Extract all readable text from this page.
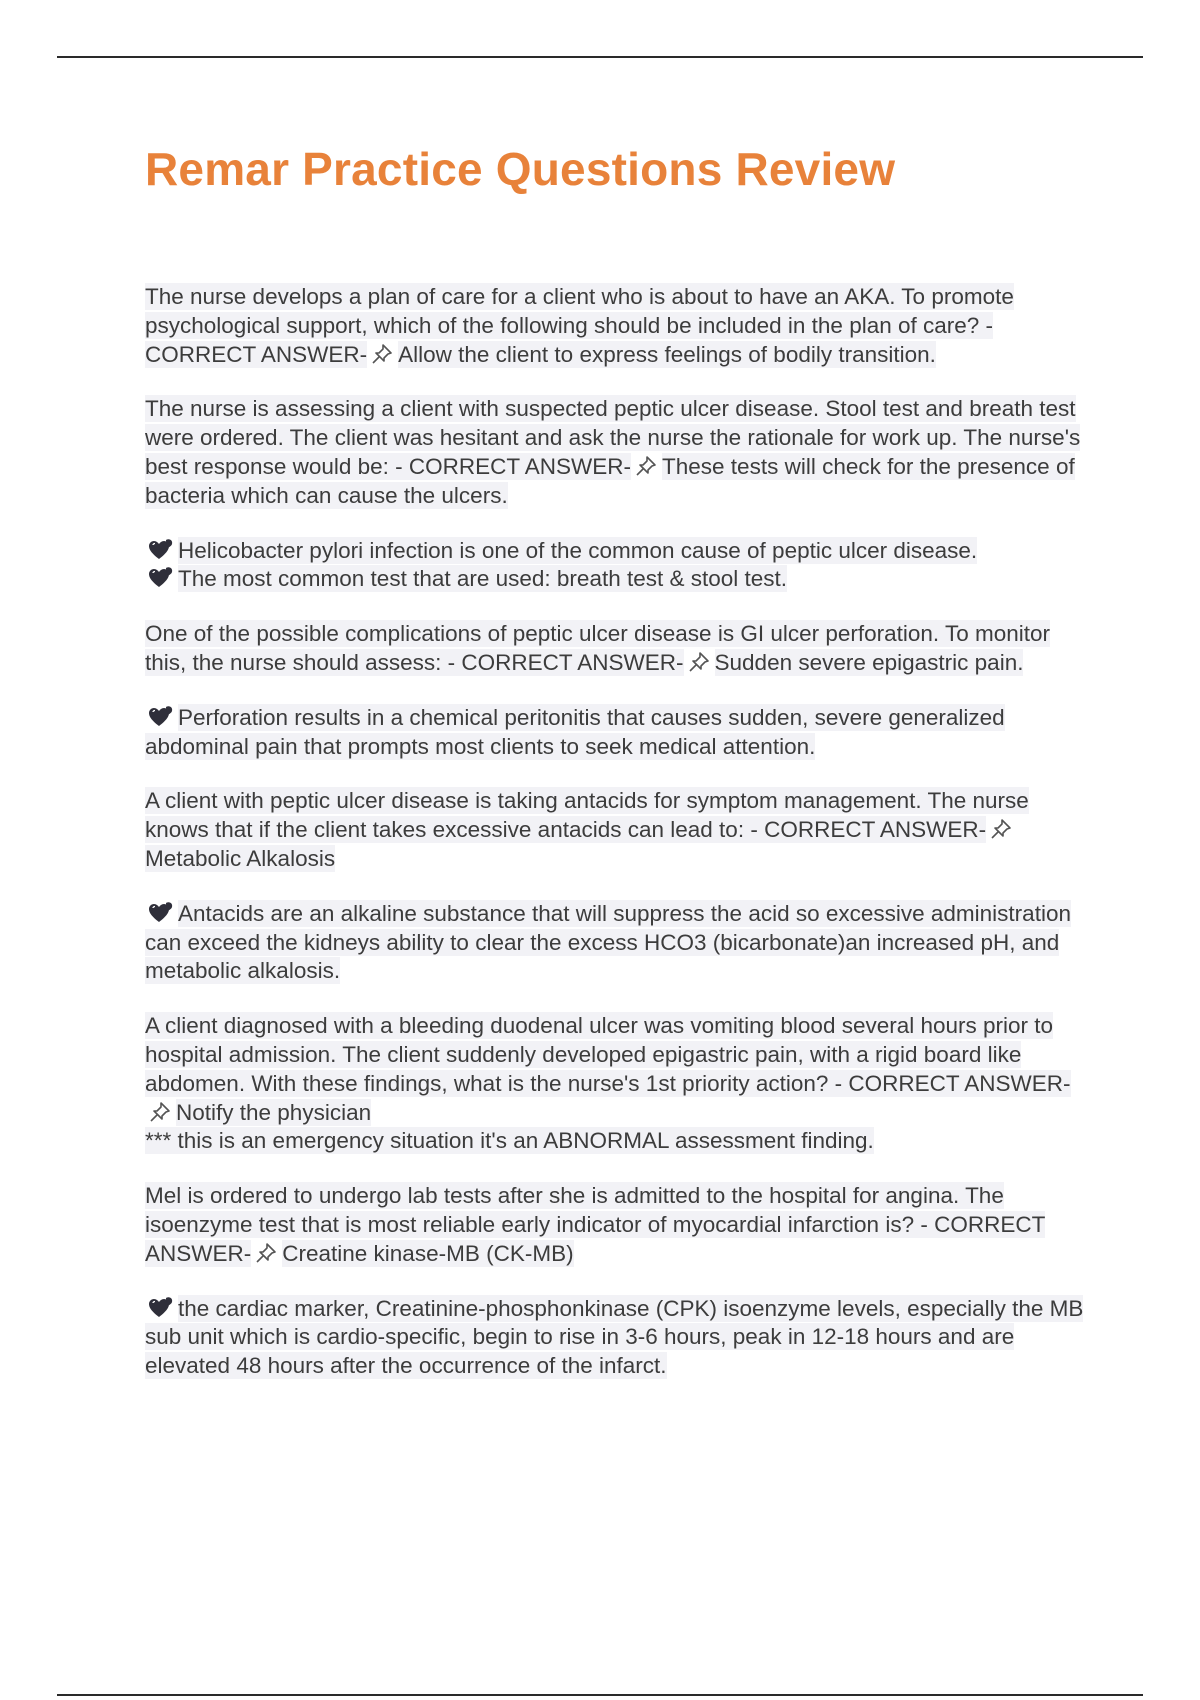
Remar Practice Questions Review

The nurse develops a plan of care for a client who is about to have an AKA. To promote psychological support, which of the following should be included in the plan of care? - CORRECT ANSWER- Allow the client to express feelings of bodily transition.

The nurse is assessing a client with suspected peptic ulcer disease. Stool test and breath test were ordered. The client was hesitant and ask the nurse the rationale for work up. The nurse's best response would be: - CORRECT ANSWER- These tests will check for the presence of bacteria which can cause the ulcers.

Helicobacter pylori infection is one of the common cause of peptic ulcer disease.
The most common test that are used: breath test & stool test.

One of the possible complications of peptic ulcer disease is GI ulcer perforation. To monitor this, the nurse should assess: - CORRECT ANSWER- Sudden severe epigastric pain.

Perforation results in a chemical peritonitis that causes sudden, severe generalized abdominal pain that prompts most clients to seek medical attention.

A client with peptic ulcer disease is taking antacids for symptom management. The nurse knows that if the client takes excessive antacids can lead to: - CORRECT ANSWER-Metabolic Alkalosis

Antacids are an alkaline substance that will suppress the acid so excessive administration can exceed the kidneys ability to clear the excess HCO3 (bicarbonate)an increased pH, and metabolic alkalosis.

A client diagnosed with a bleeding duodenal ulcer was vomiting blood several hours prior to hospital admission. The client suddenly developed epigastric pain, with a rigid board like abdomen. With these findings, what is the nurse's 1st priority action? - CORRECT ANSWER-Notify the physician
*** this is an emergency situation it's an ABNORMAL assessment finding.

Mel is ordered to undergo lab tests after she is admitted to the hospital for angina. The isoenzyme test that is most reliable early indicator of myocardial infarction is? - CORRECT ANSWER- Creatine kinase-MB (CK-MB)

the cardiac marker, Creatinine-phosphonkinase (CPK) isoenzyme levels, especially the MB sub unit which is cardio-specific, begin to rise in 3-6 hours, peak in 12-18 hours and are elevated 48 hours after the occurrence of the infarct.
